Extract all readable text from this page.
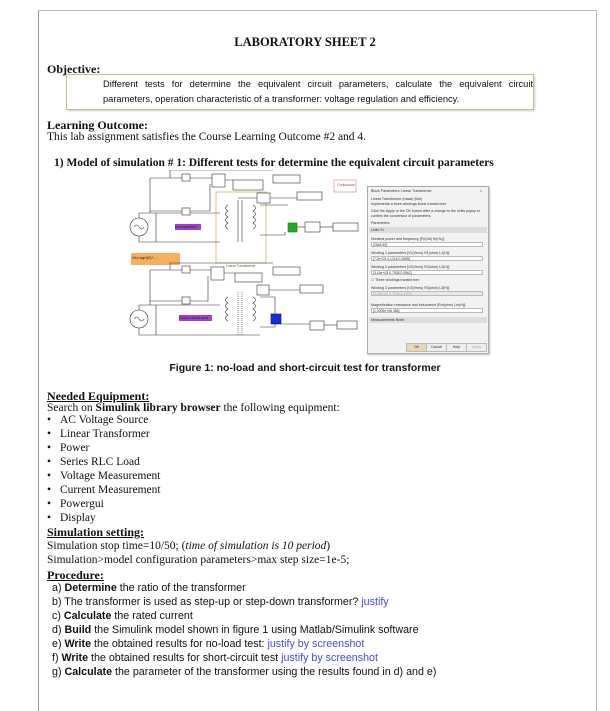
LABORATORY SHEET 2
Objective:
Different tests for determine the equivalent circuit parameters, calculate the equivalent circuit parameters, operation characteristic of a transformer: voltage regulation and efficiency.
Learning Outcome:
This lab assignment satisfies the Course Learning Outcome #2 and 4.
1) Model of simulation # 1: Different tests for determine the equivalent circuit parameters
No-load test
Short-circuit test
Vin=sqrt(2)*...
Continuous
Linear Transformer
Block Parameters: Linear Transformer	×
Linear Transformer (mask) (link)
Implements a three windings linear transformer.
Click the Apply or the OK button after a change to the Units popup to confirm the conversion of parameters.
Parameters
Units SI
Nominal power and frequency [Pn(VA) fn(Hz)]:
[25e6 50]
Winding 1 parameters [V1(Vrms) R1(ohm) L1(H)]:
[7.2e+03 4.1216 0.4985]
Winding 2 parameters [V2(Vrms) R2(ohm) L2(H)]:
[3.15e+03 0.7938 0.0962]
☐ Three windings transformer
Winding 3 parameters [V3(Vrms) R3(ohm) L3(H)]:
[3.15e+03 0.7938 0.0962]
Magnetization resistance and inductance [Rm(ohm) Lm(H)]:
[1.0005e+06 386]
Measurements None
OK	Cancel	Help	Apply
Figure 1: no-load and short-circuit test for transformer
Needed Equipment:
Search on Simulink library browser the following equipment:
• AC Voltage Source
• Linear Transformer
• Power
• Series RLC Load
• Voltage Measurement
• Current Measurement
• Powergui
• Display
Simulation setting:
Simulation stop time=10/50; (time of simulation is 10 period)
Simulation>model configuration parameters>max step size=1e-5;
Procedure:
a) Determine the ratio of the transformer
b) The transformer is used as step-up or step-down transformer? justify
c) Calculate the rated current
d) Build the Simulink model shown in figure 1 using Matlab/Simulink software
e) Write the obtained results for no-load test: justify by screenshot
f) Write the obtained results for short-circuit test justify by screenshot
g) Calculate the parameter of the transformer using the results found in d) and e)
